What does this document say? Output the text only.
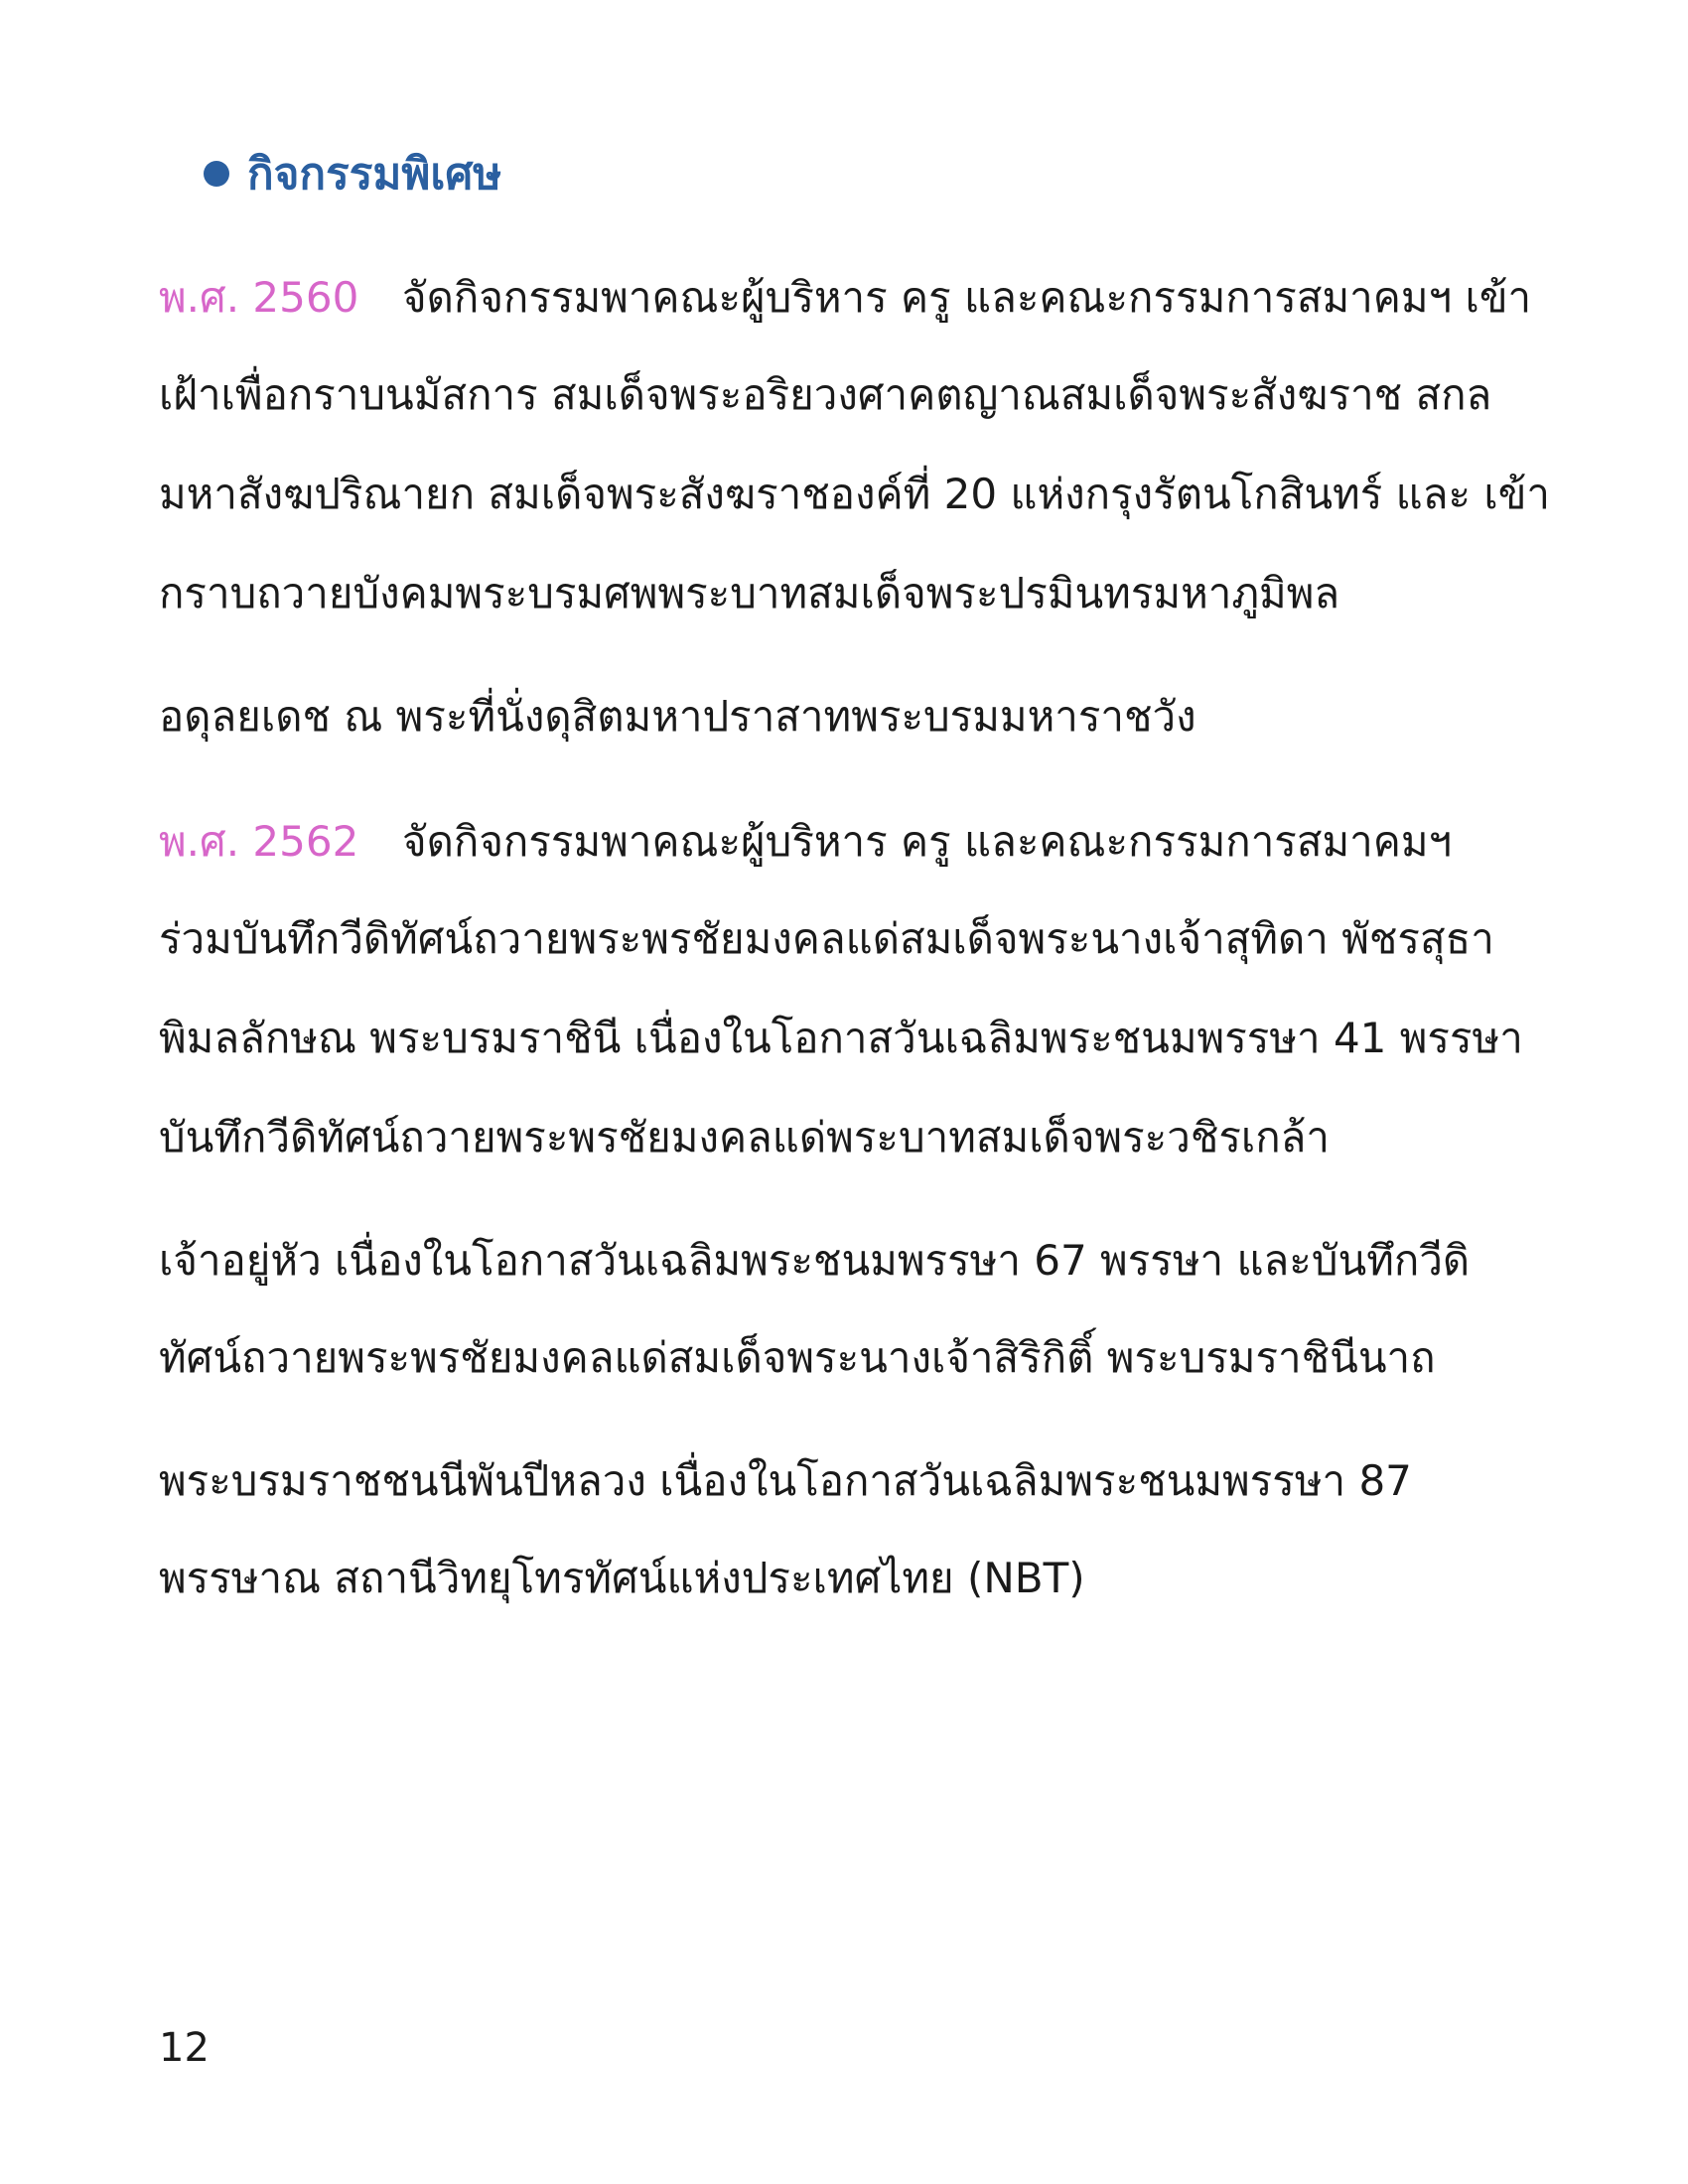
กิจกรรมพิเศษ
พ.ศ. 2560 จัดกิจกรรมพาคณะผู้บริหาร ครู และคณะกรรมการสมาคมฯ เข้า
เฝ้าเพื่อกราบนมัสการ สมเด็จพระอริยวงศาคตญาณสมเด็จพระสังฆราช สกล
มหาสังฆปริณายก สมเด็จพระสังฆราชองค์ที่ 20 แห่งกรุงรัตนโกสินทร์ และ เข้า
กราบถวายบังคมพระบรมศพพระบาทสมเด็จพระปรมินทรมหาภูมิพล
อดุลยเดช ณ พระที่นั่งดุสิตมหาปราสาทพระบรมมหาราชวัง
พ.ศ. 2562 จัดกิจกรรมพาคณะผู้บริหาร ครู และคณะกรรมการสมาคมฯ
ร่วมบันทึกวีดิทัศน์ถวายพระพรชัยมงคลแด่สมเด็จพระนางเจ้าสุทิดา พัชรสุธา
พิมลลักษณ พระบรมราชินี เนื่องในโอกาสวันเฉลิมพระชนมพรรษา 41 พรรษา
บันทึกวีดิทัศน์ถวายพระพรชัยมงคลแด่พระบาทสมเด็จพระวชิรเกล้า
เจ้าอยู่หัว เนื่องในโอกาสวันเฉลิมพระชนมพรรษา 67 พรรษา และบันทึกวีดิ
ทัศน์ถวายพระพรชัยมงคลแด่สมเด็จพระนางเจ้าสิริกิติ์ พระบรมราชินีนาถ
พระบรมราชชนนีพันปีหลวง เนื่องในโอกาสวันเฉลิมพระชนมพรรษา 87
พรรษาณ สถานีวิทยุโทรทัศน์แห่งประเทศไทย (NBT)
12
